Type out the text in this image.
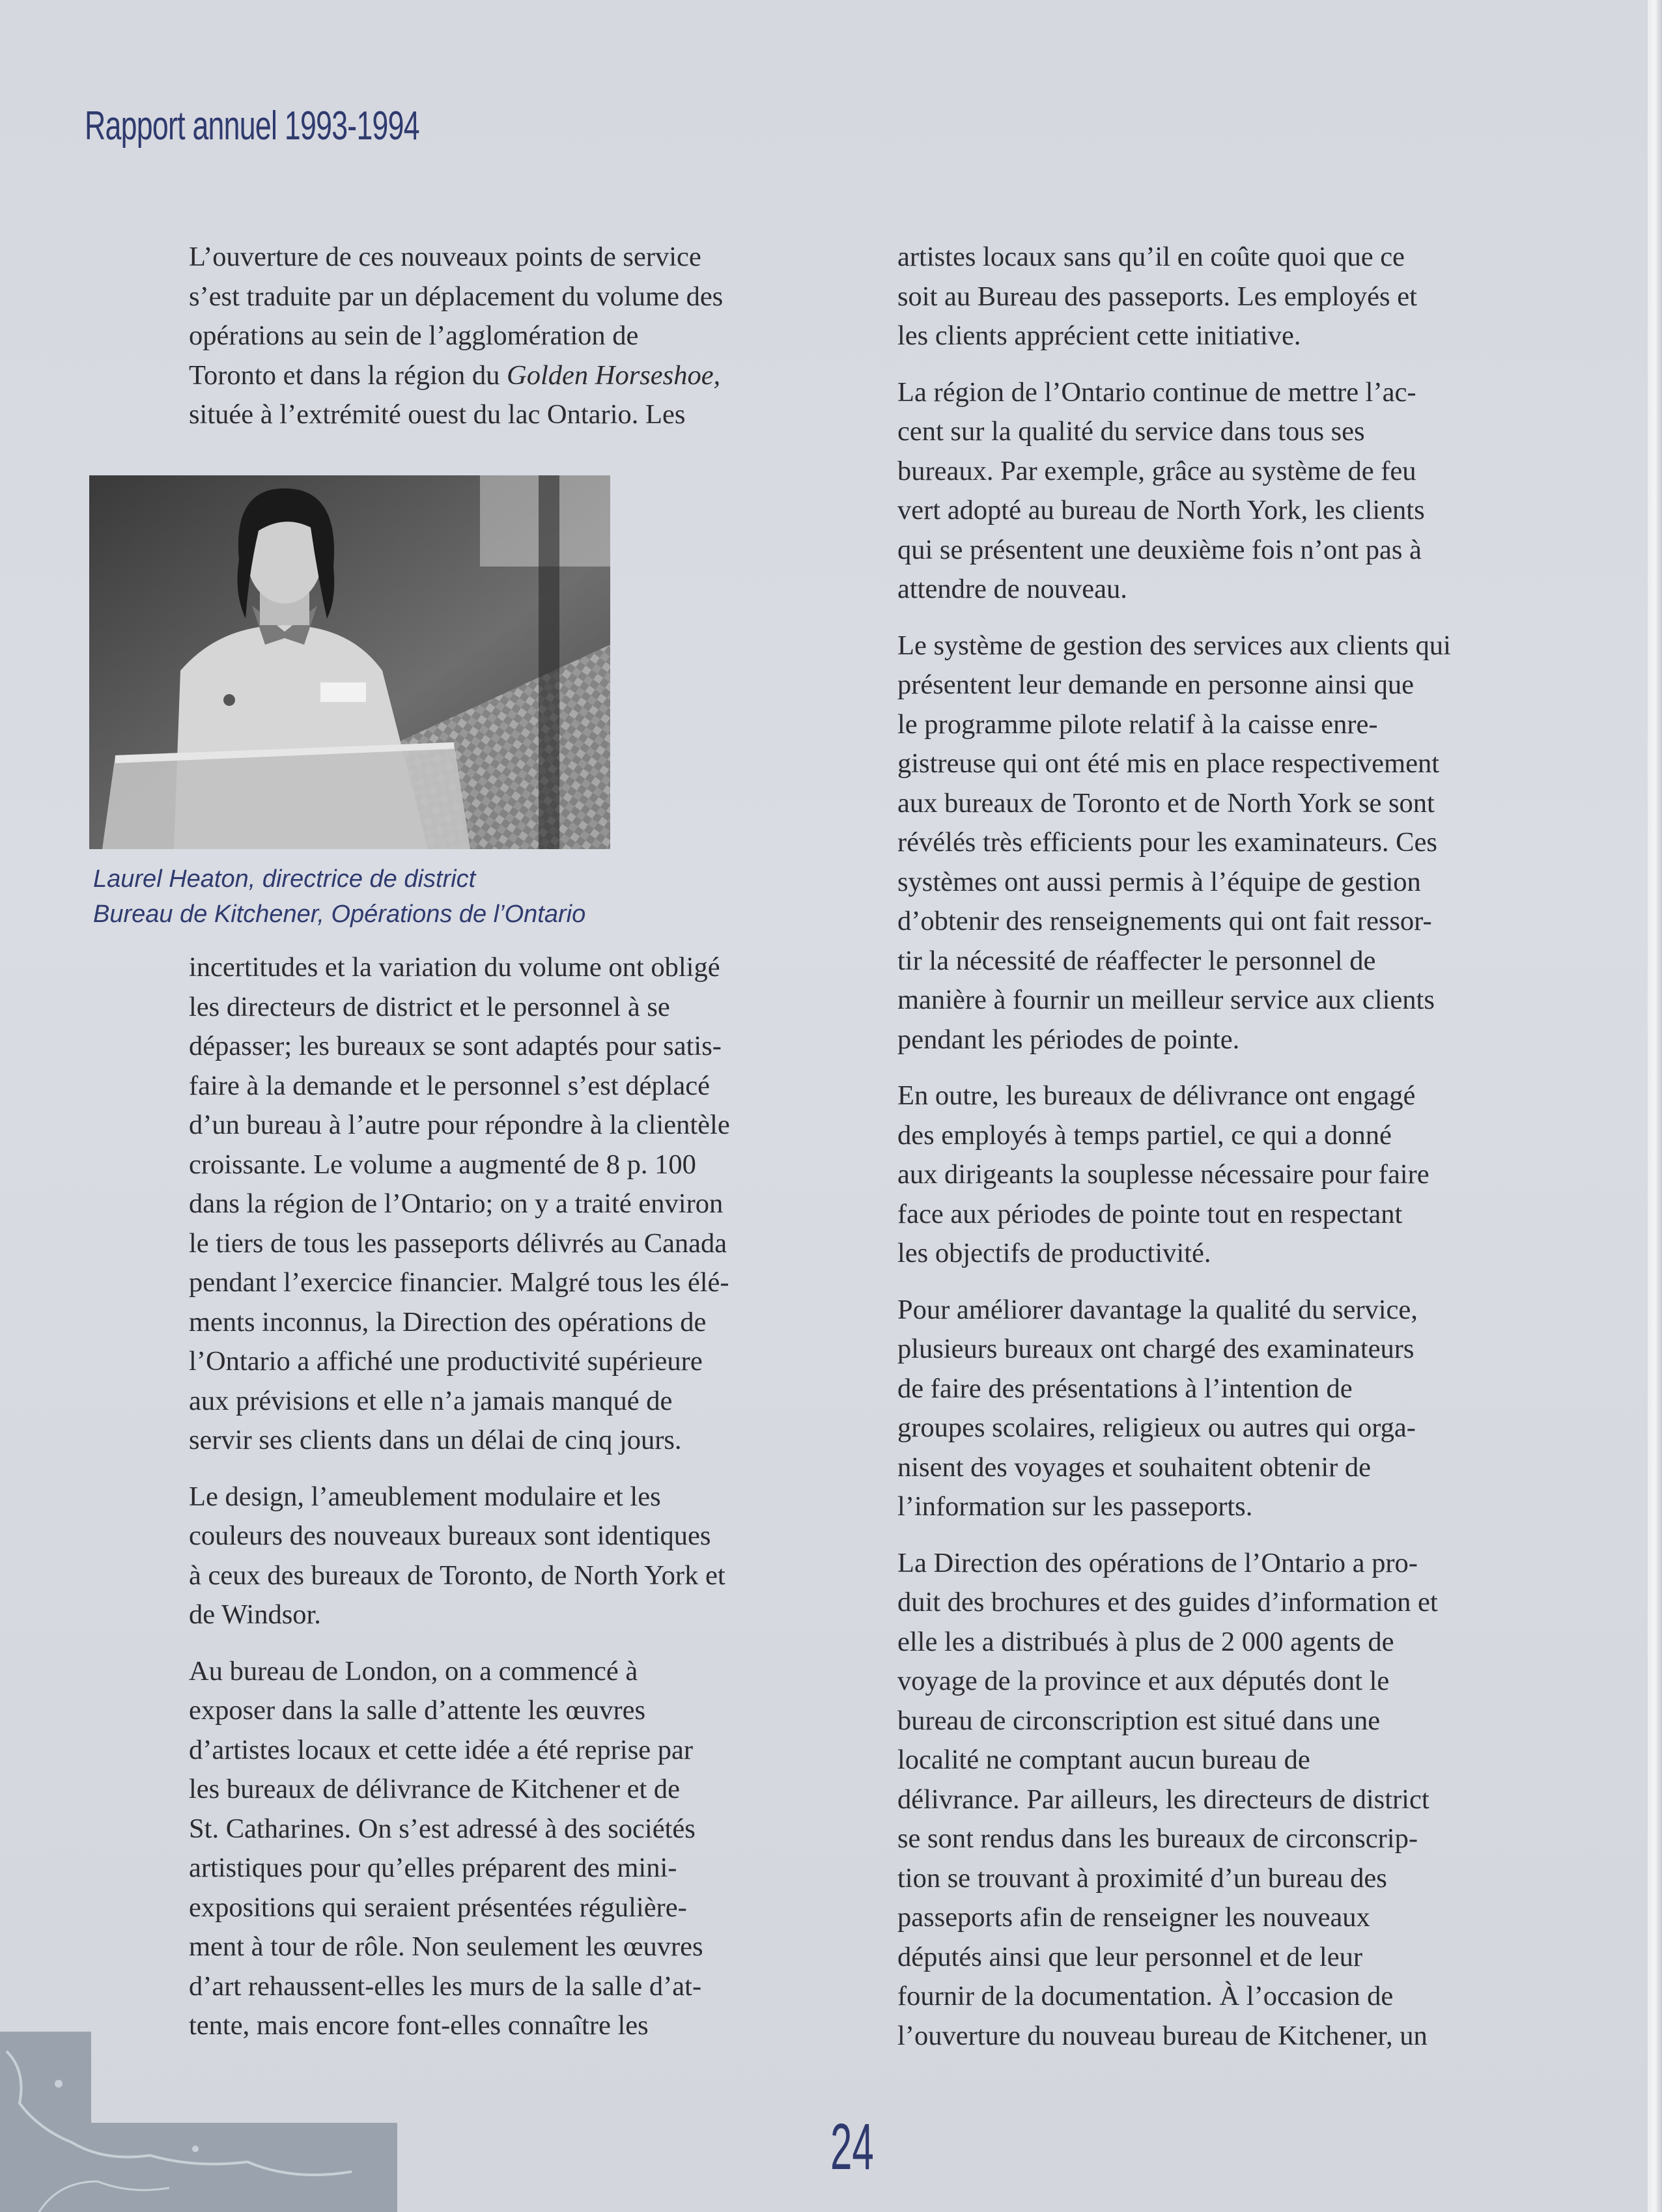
Rapport annuel 1993-1994

L’ouverture de ces nouveaux points de service
s’est traduite par un déplacement du volume des
opérations au sein de l’agglomération de
Toronto et dans la région du Golden Horseshoe,
située à l’extrémité ouest du lac Ontario. Les

Laurel Heaton, directrice de district
Bureau de Kitchener, Opérations de l’Ontario

incertitudes et la variation du volume ont obligé
les directeurs de district et le personnel à se
dépasser; les bureaux se sont adaptés pour satis-
faire à la demande et le personnel s’est déplacé
d’un bureau à l’autre pour répondre à la clientèle
croissante. Le volume a augmenté de 8 p. 100
dans la région de l’Ontario; on y a traité environ
le tiers de tous les passeports délivrés au Canada
pendant l’exercice financier. Malgré tous les élé-
ments inconnus, la Direction des opérations de
l’Ontario a affiché une productivité supérieure
aux prévisions et elle n’a jamais manqué de
servir ses clients dans un délai de cinq jours.

Le design, l’ameublement modulaire et les
couleurs des nouveaux bureaux sont identiques
à ceux des bureaux de Toronto, de North York et
de Windsor.

Au bureau de London, on a commencé à
exposer dans la salle d’attente les œuvres
d’artistes locaux et cette idée a été reprise par
les bureaux de délivrance de Kitchener et de
St. Catharines. On s’est adressé à des sociétés
artistiques pour qu’elles préparent des mini-
expositions qui seraient présentées régulière-
ment à tour de rôle. Non seulement les œuvres
d’art rehaussent-elles les murs de la salle d’at-
tente, mais encore font-elles connaître les

artistes locaux sans qu’il en coûte quoi que ce
soit au Bureau des passeports. Les employés et
les clients apprécient cette initiative.

La région de l’Ontario continue de mettre l’ac-
cent sur la qualité du service dans tous ses
bureaux. Par exemple, grâce au système de feu
vert adopté au bureau de North York, les clients
qui se présentent une deuxième fois n’ont pas à
attendre de nouveau.

Le système de gestion des services aux clients qui
présentent leur demande en personne ainsi que
le programme pilote relatif à la caisse enre-
gistreuse qui ont été mis en place respectivement
aux bureaux de Toronto et de North York se sont
révélés très efficients pour les examinateurs. Ces
systèmes ont aussi permis à l’équipe de gestion
d’obtenir des renseignements qui ont fait ressor-
tir la nécessité de réaffecter le personnel de
manière à fournir un meilleur service aux clients
pendant les périodes de pointe.

En outre, les bureaux de délivrance ont engagé
des employés à temps partiel, ce qui a donné
aux dirigeants la souplesse nécessaire pour faire
face aux périodes de pointe tout en respectant
les objectifs de productivité.

Pour améliorer davantage la qualité du service,
plusieurs bureaux ont chargé des examinateurs
de faire des présentations à l’intention de
groupes scolaires, religieux ou autres qui orga-
nisent des voyages et souhaitent obtenir de
l’information sur les passeports.

La Direction des opérations de l’Ontario a pro-
duit des brochures et des guides d’information et
elle les a distribués à plus de 2 000 agents de
voyage de la province et aux députés dont le
bureau de circonscription est situé dans une
localité ne comptant aucun bureau de
délivrance. Par ailleurs, les directeurs de district
se sont rendus dans les bureaux de circonscrip-
tion se trouvant à proximité d’un bureau des
passeports afin de renseigner les nouveaux
députés ainsi que leur personnel et de leur
fournir de la documentation. À l’occasion de
l’ouverture du nouveau bureau de Kitchener, un

24
